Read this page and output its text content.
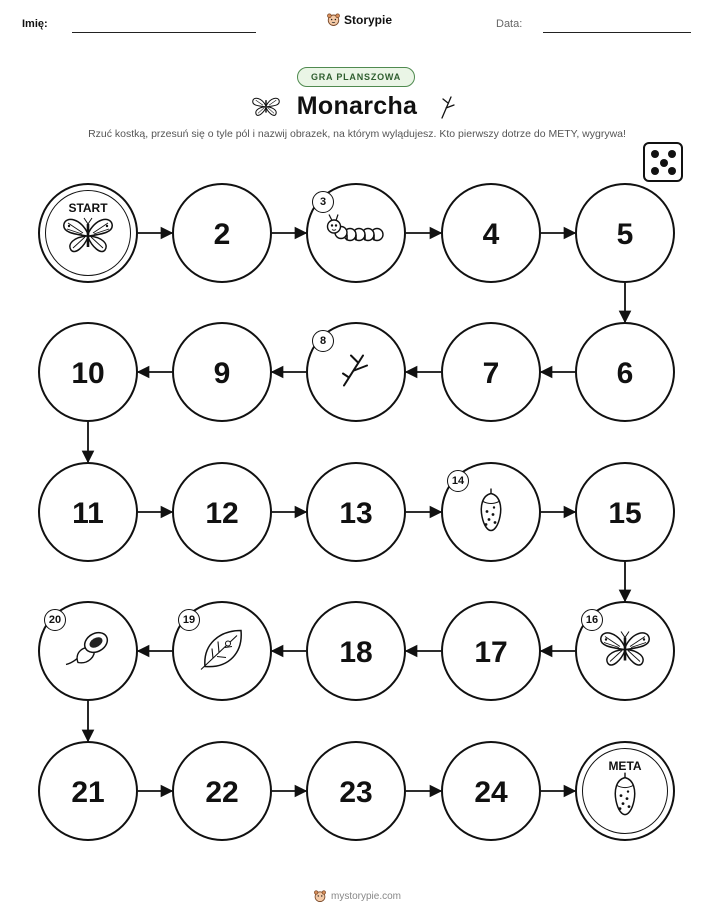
Imię:	Storypie	Data:
GRA PLANSZOWA
Monarcha
Rzuć kostką, przesuń się o tyle pól i nazwij obrazek, na którym wylądujesz. Kto pierwszy dotrze do METY, wygrywa!
START
2
3
4	5
6
7
8
9
10
11	12	13
14
15
16
17
18
19
20
21	22	23	24
META
mystorypie.com
